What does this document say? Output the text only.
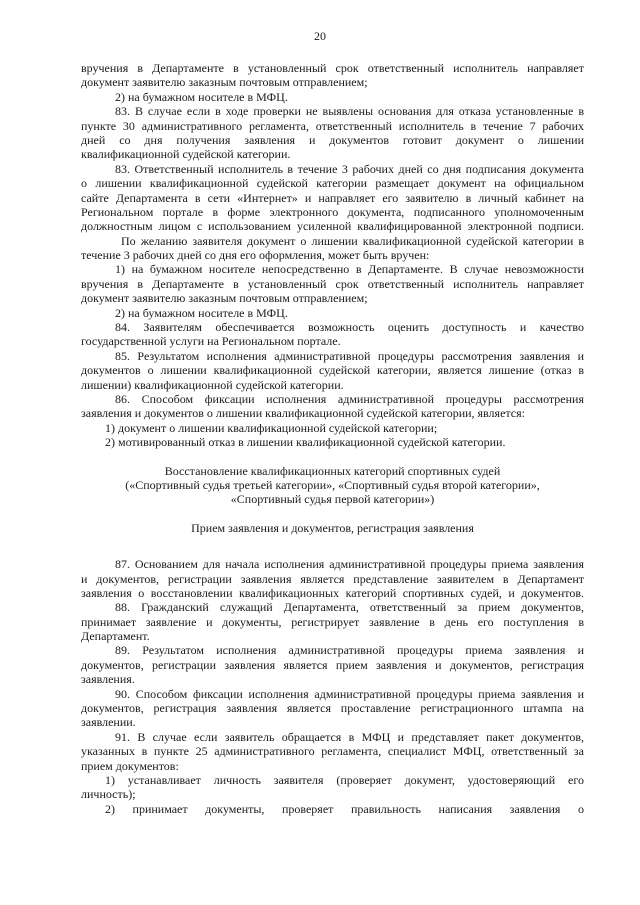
20
вручения в Департаменте в установленный срок ответственный исполнитель направляет
документ заявителю заказным почтовым отправлением;
2) на бумажном носителе в МФЦ.
83. В случае если в ходе проверки не выявлены основания для отказа установленные в
пункте 30 административного регламента, ответственный исполнитель в течение 7 рабочих
дней со дня получения заявления и документов готовит документ о лишении
квалификационной судейской категории.
83. Ответственный исполнитель в течение 3 рабочих дней со дня подписания документа
о лишении квалификационной судейской категории размещает документ на официальном
сайте Департамента в сети «Интернет» и направляет его заявителю в личный кабинет на
Региональном портале в форме электронного документа, подписанного уполномоченным
должностным лицом с использованием усиленной квалифицированной электронной подписи.
По желанию заявителя документ о лишении квалификационной судейской категории в
течение 3 рабочих дней со дня его оформления, может быть вручен:
1) на бумажном носителе непосредственно в Департаменте. В случае невозможности
вручения в Департаменте в установленный срок ответственный исполнитель направляет
документ заявителю заказным почтовым отправлением;
2) на бумажном носителе в МФЦ.
84. Заявителям обеспечивается возможность оценить доступность и качество
государственной услуги на Региональном портале.
85. Результатом исполнения административной процедуры рассмотрения заявления и
документов о лишении квалификационной судейской категории, является лишение (отказ в
лишении) квалификационной судейской категории.
86. Способом фиксации исполнения административной процедуры рассмотрения
заявления и документов о лишении квалификационной судейской категории, является:
1) документ о лишении квалификационной судейской категории;
2) мотивированный отказ в лишении квалификационной судейской категории.
Восстановление квалификационных категорий спортивных судей
(«Спортивный судья третьей категории», «Спортивный судья второй категории»,
«Спортивный судья первой категории»)
Прием заявления и документов, регистрация заявления
87. Основанием для начала исполнения административной процедуры приема заявления
и документов, регистрации заявления является представление заявителем в Департамент
заявления о восстановлении квалификационных категорий спортивных судей, и документов.
88. Гражданский служащий Департамента, ответственный за прием документов,
принимает заявление и документы, регистрирует заявление в день его поступления в
Департамент.
89. Результатом исполнения административной процедуры приема заявления и
документов, регистрации заявления является прием заявления и документов, регистрация
заявления.
90. Способом фиксации исполнения административной процедуры приема заявления и
документов, регистрация заявления является проставление регистрационного штампа на
заявлении.
91. В случае если заявитель обращается в МФЦ и представляет пакет документов,
указанных в пункте 25 административного регламента, специалист МФЦ, ответственный за
прием документов:
1) устанавливает личность заявителя (проверяет документ, удостоверяющий его
личность);
2) принимает документы, проверяет правильность написания заявления о
